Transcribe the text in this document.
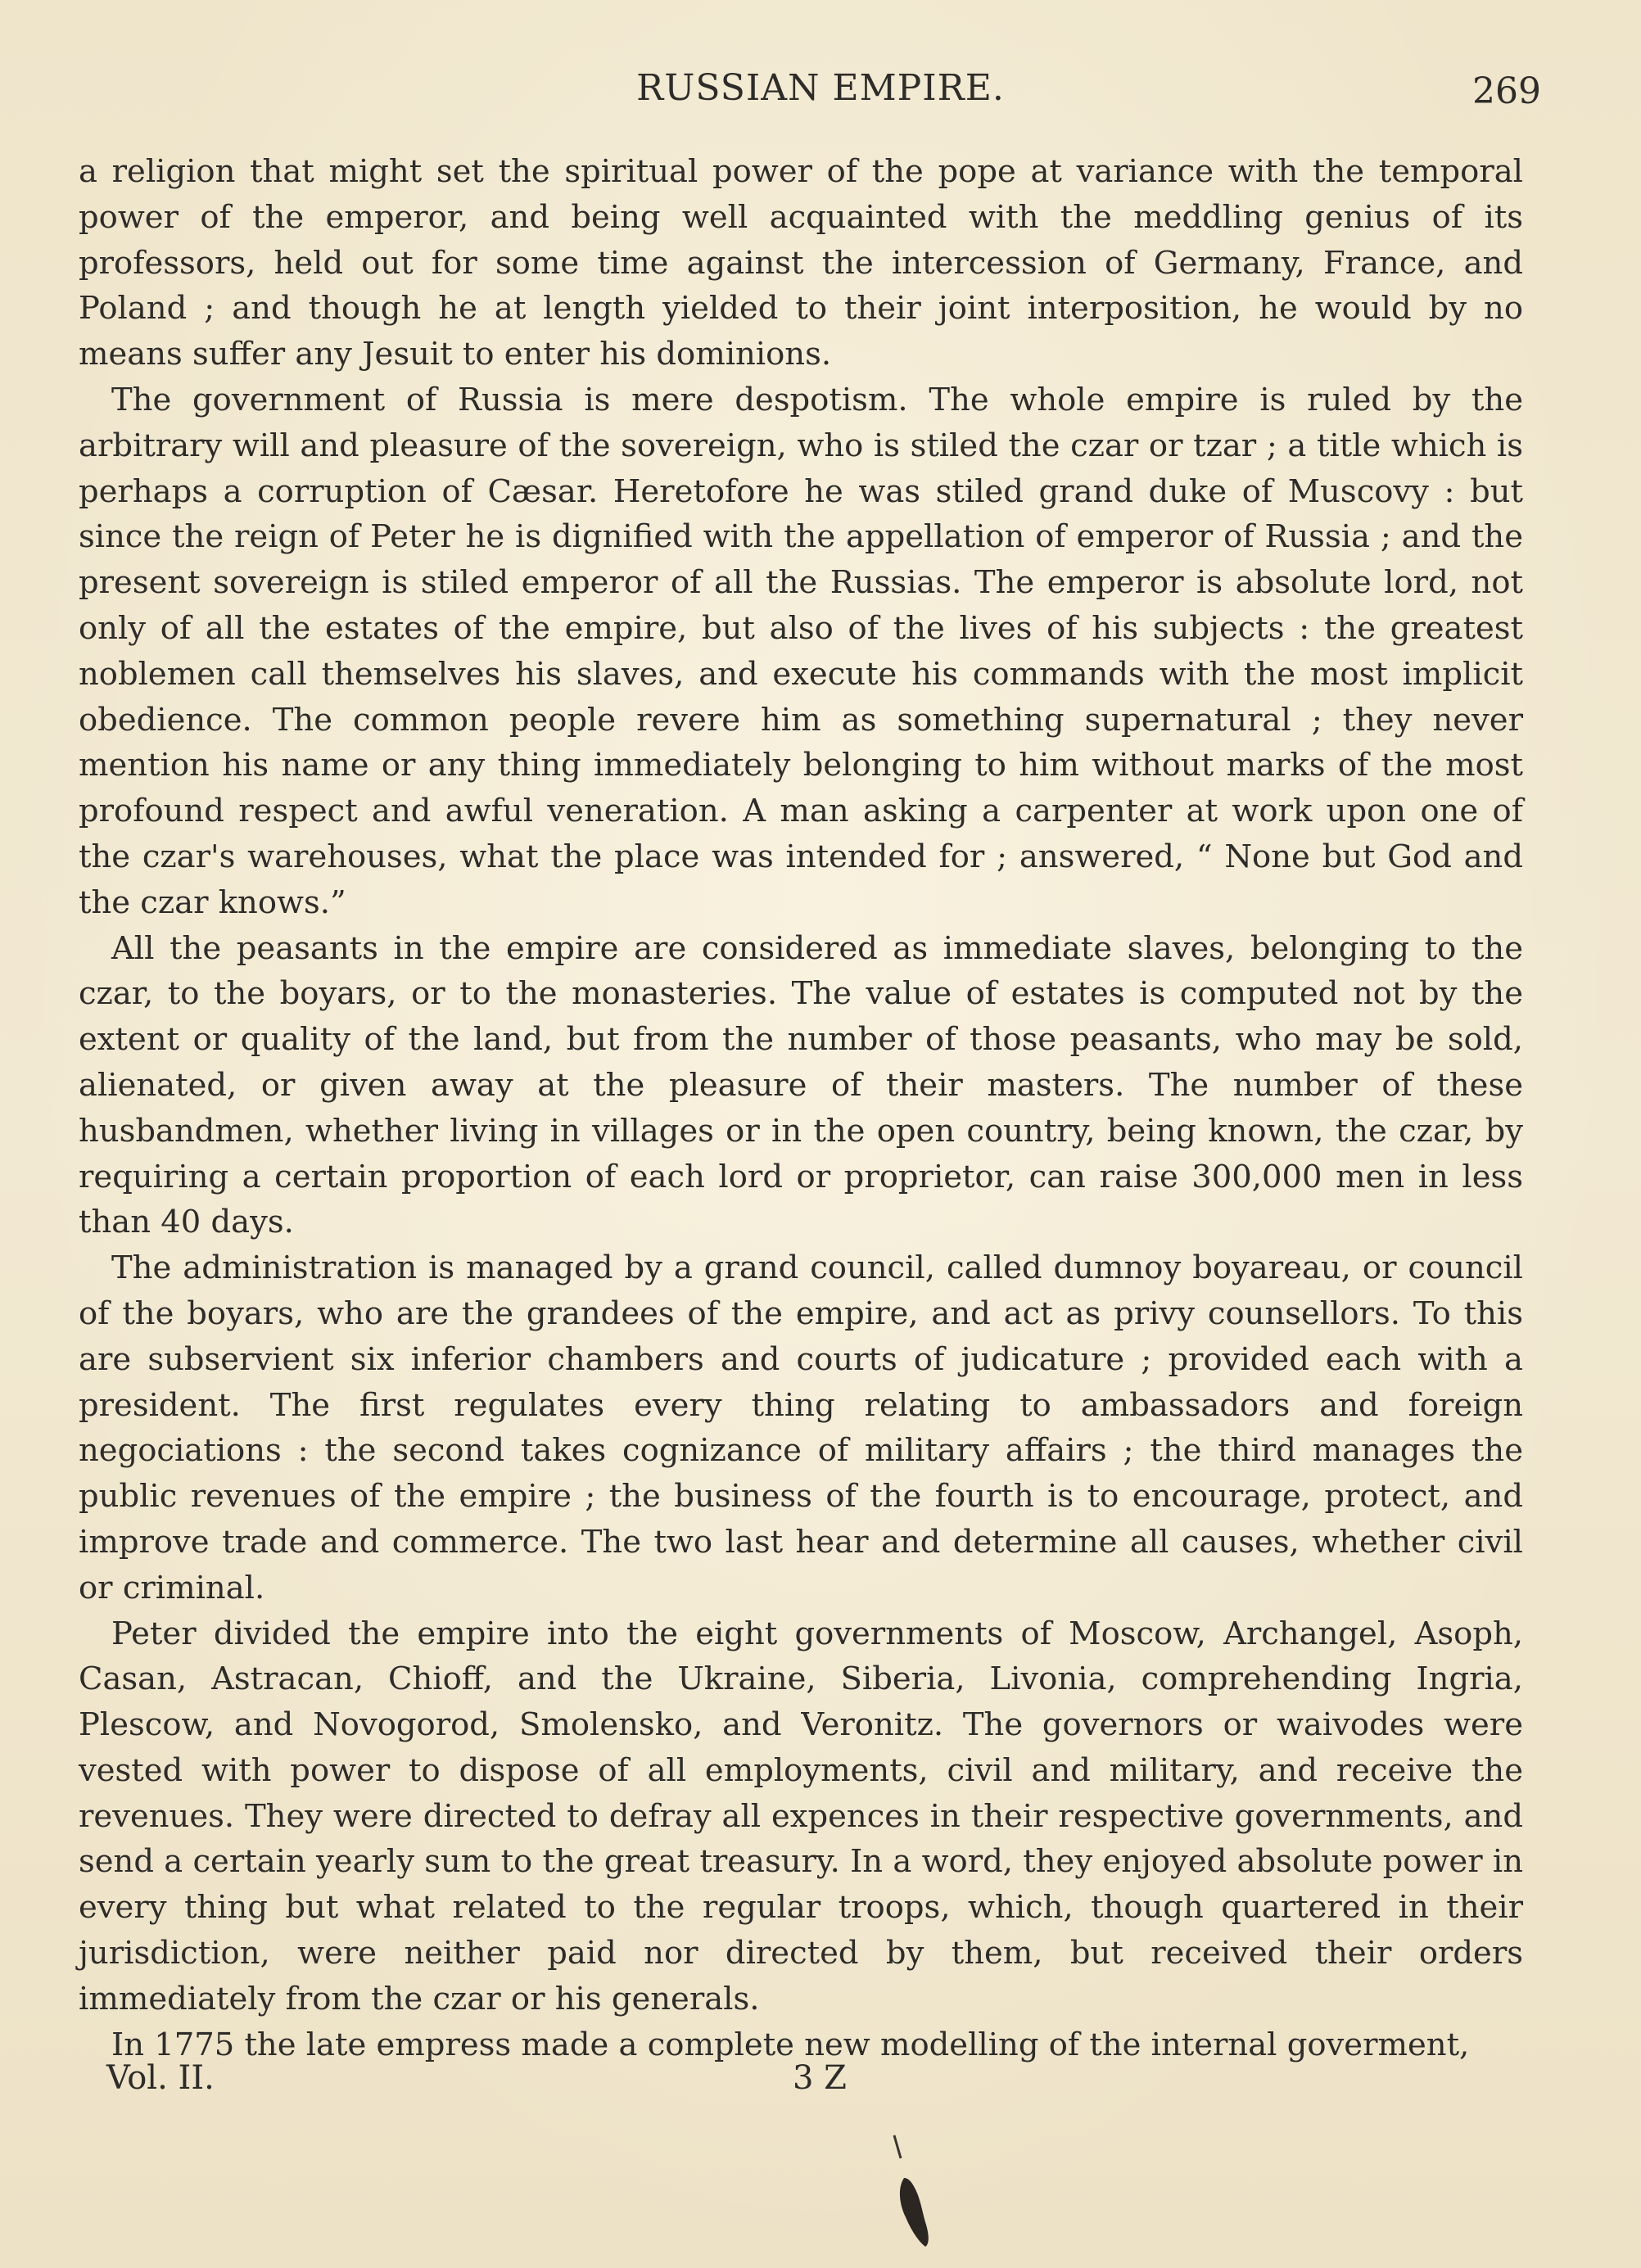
RUSSIAN EMPIRE.	269

a religion that might set the spiritual power of the pope at variance with the temporal power of the emperor, and being well acquainted with the meddling genius of its professors, held out for some time against the intercession of Germany, France, and Poland ; and though he at length yielded to their joint interposition, he would by no means suffer any Jesuit to enter his dominions.

The government of Russia is mere despotism. The whole empire is ruled by the arbitrary will and pleasure of the sovereign, who is stiled the czar or tzar ; a title which is perhaps a corruption of Cæsar. Heretofore he was stiled grand duke of Muscovy : but since the reign of Peter he is dignified with the appellation of emperor of Russia ; and the present sovereign is stiled emperor of all the Russias. The emperor is absolute lord, not only of all the estates of the empire, but also of the lives of his subjects : the greatest noblemen call themselves his slaves, and execute his commands with the most implicit obedience. The common people revere him as something supernatural ; they never mention his name or any thing immediately belonging to him without marks of the most profound respect and awful veneration. A man asking a carpenter at work upon one of the czar's warehouses, what the place was intended for ; answered, “ None but God and the czar knows.”

All the peasants in the empire are considered as immediate slaves, belonging to the czar, to the boyars, or to the monasteries. The value of estates is computed not by the extent or quality of the land, but from the number of those peasants, who may be sold, alienated, or given away at the pleasure of their masters. The number of these husbandmen, whether living in villages or in the open country, being known, the czar, by requiring a certain proportion of each lord or proprietor, can raise 300,000 men in less than 40 days.

The administration is managed by a grand council, called dumnoy boyareau, or council of the boyars, who are the grandees of the empire, and act as privy counsellors. To this are subservient six inferior chambers and courts of judicature ; provided each with a president. The first regulates every thing relating to ambassadors and foreign negociations : the second takes cognizance of military affairs ; the third manages the public revenues of the empire ; the business of the fourth is to encourage, protect, and improve trade and commerce. The two last hear and determine all causes, whether civil or criminal.

Peter divided the empire into the eight governments of Moscow, Archangel, Asoph, Casan, Astracan, Chioff, and the Ukraine, Siberia, Livonia, comprehending Ingria, Plescow, and Novogorod, Smolensko, and Veronitz. The governors or waivodes were vested with power to dispose of all employments, civil and military, and receive the revenues. They were directed to defray all expences in their respective governments, and send a certain yearly sum to the great treasury. In a word, they enjoyed absolute power in every thing but what related to the regular troops, which, though quartered in their jurisdiction, were neither paid nor directed by them, but received their orders immediately from the czar or his generals.

In 1775 the late empress made a complete new modelling of the internal goverment,

Vol. II.	3 Z
